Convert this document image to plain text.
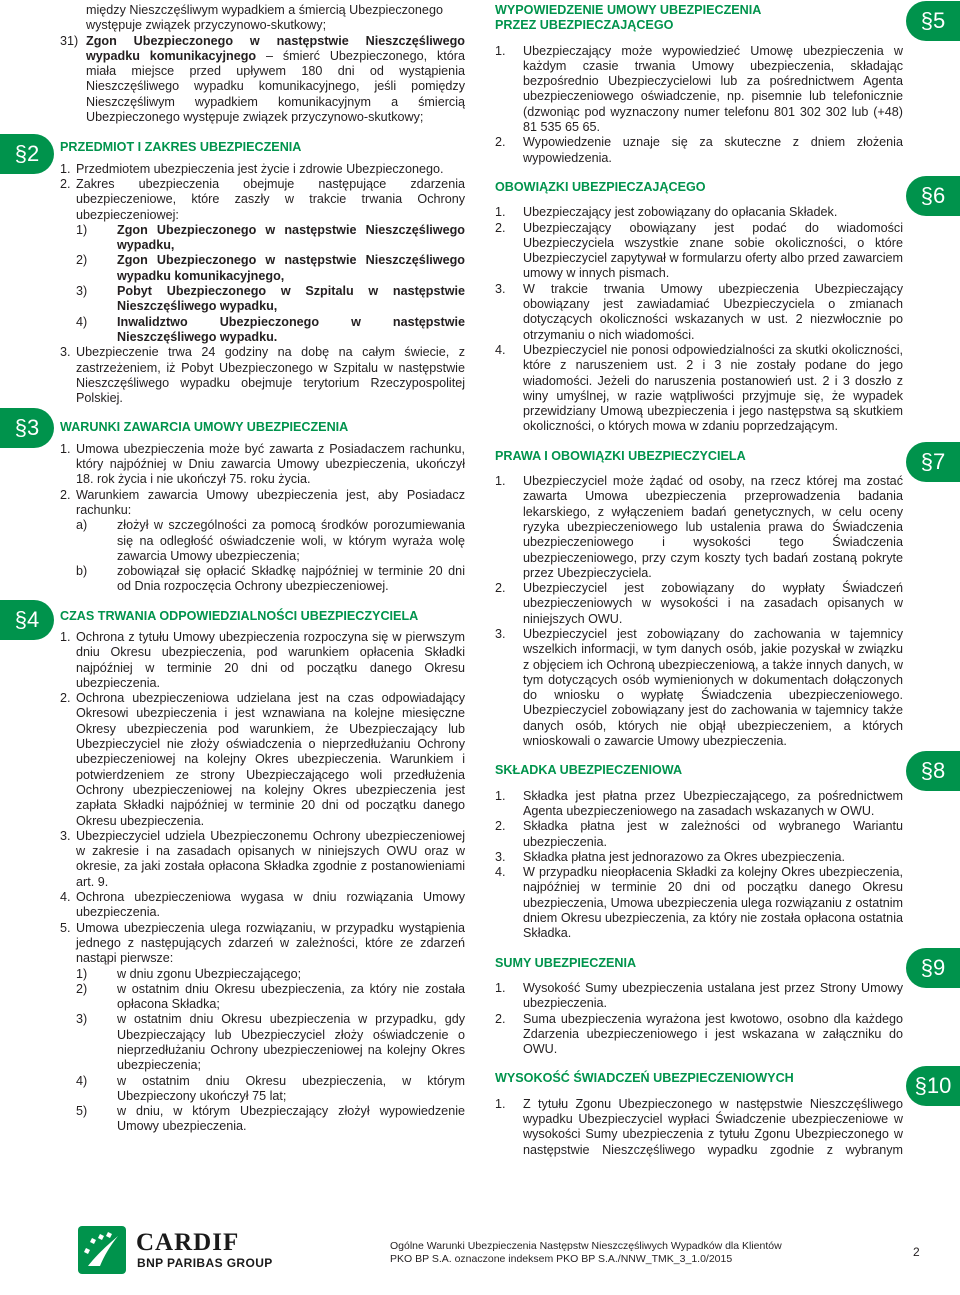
§2
§3
§4
§5
§6
§7
§8
§9
§10

między Nieszczęśliwym wypadkiem a śmiercią Ubezpieczonego

występuje związek przyczynowo-skutkowy;

31) Zgon Ubezpieczonego w następstwie Nieszczęśliwego wypadku komunikacyjnego – śmierć Ubezpieczonego, która miała miejsce przed upływem 180 dni od wystąpienia Nieszczęśliwego wypadku komunikacyjnego, jeśli pomiędzy Nieszczęśliwym wypadkiem komunikacyjnym a śmiercią Ubezpieczonego występuje związek przyczynowo-skutkowy;
PRZEDMIOT I ZAKRES UBEZPIECZENIA
1. Przedmiotem ubezpieczenia jest życie i zdrowie Ubezpieczonego.
2. Zakres ubezpieczenia obejmuje następujące zdarzenia ubezpieczeniowe, które zaszły w trakcie trwania Ochrony ubezpieczeniowej:
1)	Zgon Ubezpieczonego w następstwie Nieszczęśliwego wypadku,
2)	Zgon Ubezpieczonego w następstwie Nieszczęśliwego wypadku komunikacyjnego,
3)	Pobyt Ubezpieczonego w Szpitalu w następstwie Nieszczęśliwego wypadku,
4)	Inwalidztwo Ubezpieczonego w następstwie Nieszczęśliwego wypadku.
3. Ubezpieczenie trwa 24 godziny na dobę na całym świecie, z zastrzeżeniem, iż Pobyt Ubezpieczonego w Szpitalu w następstwie Nieszczęśliwego wypadku obejmuje terytorium Rzeczypospolitej Polskiej.
WARUNKI ZAWARCIA UMOWY UBEZPIECZENIA
1. Umowa ubezpieczenia może być zawarta z Posiadaczem rachunku, który najpóźniej w Dniu zawarcia Umowy ubezpieczenia, ukończył 18. rok życia i nie ukończył 75. roku życia.
2. Warunkiem zawarcia Umowy ubezpieczenia jest, aby Posiadacz rachunku:
a)	złożył w szczególności za pomocą środków porozumiewania się na odległość oświadczenie woli, w którym wyraża wolę zawarcia Umowy ubezpieczenia;
b)	zobowiązał się opłacić Składkę najpóźniej w terminie 20 dni od Dnia rozpoczęcia Ochrony ubezpieczeniowej.
CZAS TRWANIA ODPOWIEDZIALNOŚCI UBEZPIECZYCIELA
1. Ochrona z tytułu Umowy ubezpieczenia rozpoczyna się w pierwszym dniu Okresu ubezpieczenia, pod warunkiem opłacenia Składki najpóźniej w terminie 20 dni od początku danego Okresu ubezpieczenia.
2. Ochrona ubezpieczeniowa udzielana jest na czas odpowiadający Okresowi ubezpieczenia i jest wznawiana na kolejne miesięczne Okresy ubezpieczenia pod warunkiem, że Ubezpieczający lub Ubezpieczyciel nie złoży oświadczenia o nieprzedłużaniu Ochrony ubezpieczeniowej na kolejny Okres ubezpieczenia. Warunkiem i potwierdzeniem ze strony Ubezpieczającego woli przedłużenia Ochrony ubezpieczeniowej na kolejny Okres ubezpieczenia jest zapłata Składki najpóźniej w terminie 20 dni od początku danego Okresu ubezpieczenia.
3. Ubezpieczyciel udziela Ubezpieczonemu Ochrony ubezpieczeniowej w zakresie i na zasadach opisanych w niniejszych OWU oraz w okresie, za jaki została opłacona Składka zgodnie z postanowieniami art. 9.
4. Ochrona ubezpieczeniowa wygasa w dniu rozwiązania Umowy ubezpieczenia.
5. Umowa ubezpieczenia ulega rozwiązaniu, w przypadku wystąpienia jednego z następujących zdarzeń w zależności, które ze zdarzeń nastąpi pierwsze:
1)	w dniu zgonu Ubezpieczającego;
2)	w ostatnim dniu Okresu ubezpieczenia, za który nie została opłacona Składka;
3)	w ostatnim dniu Okresu ubezpieczenia w przypadku, gdy Ubezpieczający lub Ubezpieczyciel złoży oświadczenie o nieprzedłużaniu Ochrony ubezpieczeniowej na kolejny Okres ubezpieczenia;
4)	w ostatnim dniu Okresu ubezpieczenia, w którym Ubezpieczony ukończył 75 lat;
5)	w dniu, w którym Ubezpieczający złożył wypowiedzenie Umowy ubezpieczenia.
WYPOWIEDZENIE UMOWY UBEZPIECZENIA
PRZEZ UBEZPIECZAJĄCEGO
1.	Ubezpieczający może wypowiedzieć Umowę ubezpieczenia w każdym czasie trwania Umowy ubezpieczenia, składając bezpośrednio Ubezpieczycielowi lub za pośrednictwem Agenta ubezpieczeniowego oświadczenie, np. pisemnie lub telefonicznie (dzwoniąc pod wyznaczony numer telefonu 801 302 302 lub (+48) 81 535 65 65.
2.	Wypowiedzenie uznaje się za skuteczne z dniem złożenia wypowiedzenia.
OBOWIĄZKI UBEZPIECZAJĄCEGO
1.	Ubezpieczający jest zobowiązany do opłacania Składek.
2.	Ubezpieczający obowiązany jest podać do wiadomości Ubezpieczyciela wszystkie znane sobie okoliczności, o które Ubezpieczyciel zapytywał w formularzu oferty albo przed zawarciem umowy w innych pismach.
3.	W trakcie trwania Umowy ubezpieczenia Ubezpieczający obowiązany jest zawiadamiać Ubezpieczyciela o zmianach dotyczących okoliczności wskazanych w ust. 2 niezwłocznie po otrzymaniu o nich wiadomości.
4.	Ubezpieczyciel nie ponosi odpowiedzialności za skutki okoliczności, które z naruszeniem ust. 2 i 3 nie zostały podane do jego wiadomości. Jeżeli do naruszenia postanowień ust. 2 i 3 doszło z winy umyślnej, w razie wątpliwości przyjmuje się, że wypadek przewidziany Umową ubezpieczenia i jego następstwa są skutkiem okoliczności, o których mowa w zdaniu poprzedzającym.
PRAWA I OBOWIĄZKI UBEZPIECZYCIELA
1.	Ubezpieczyciel może żądać od osoby, na rzecz której ma zostać zawarta Umowa ubezpieczenia przeprowadzenia badania lekarskiego, z wyłączeniem badań genetycznych, w celu oceny ryzyka ubezpieczeniowego lub ustalenia prawa do Świadczenia ubezpieczeniowego i wysokości tego Świadczenia ubezpieczeniowego, przy czym koszty tych badań zostaną pokryte przez Ubezpieczyciela.
2.	Ubezpieczyciel jest zobowiązany do wypłaty Świadczeń ubezpieczeniowych w wysokości i na zasadach opisanych w niniejszych OWU.
3.	Ubezpieczyciel jest zobowiązany do zachowania w tajemnicy wszelkich informacji, w tym danych osób, jakie pozyskał w związku z objęciem ich Ochroną ubezpieczeniową, a także innych danych, w tym dotyczących osób wymienionych w dokumentach dołączonych do wniosku o wypłatę Świadczenia ubezpieczeniowego. Ubezpieczyciel zobowiązany jest do zachowania w tajemnicy także danych osób, których nie objął ubezpieczeniem, a których wnioskowali o zawarcie Umowy ubezpieczenia.
SKŁADKA UBEZPIECZENIOWA
1.	Składka jest płatna przez Ubezpieczającego, za pośrednictwem Agenta ubezpieczeniowego na zasadach wskazanych w OWU.
2.	Składka płatna jest w zależności od wybranego Wariantu ubezpieczenia.
3.	Składka płatna jest jednorazowo za Okres ubezpieczenia.
4.	W przypadku nieopłacenia Składki za kolejny Okres ubezpieczenia, najpóźniej w terminie 20 dni od początku danego Okresu ubezpieczenia, Umowa ubezpieczenia ulega rozwiązaniu z ostatnim dniem Okresu ubezpieczenia, za który nie została opłacona ostatnia Składka.
SUMY UBEZPIECZENIA
1.	Wysokość Sumy ubezpieczenia ustalana jest przez Strony Umowy ubezpieczenia.
2.	Suma ubezpieczenia wyrażona jest kwotowo, osobno dla każdego Zdarzenia ubezpieczeniowego i jest wskazana w załączniku do OWU.
WYSOKOŚĆ ŚWIADCZEŃ UBEZPIECZENIOWYCH
1.	Z tytułu Zgonu Ubezpieczonego w następstwie Nieszczęśliwego wypadku Ubezpieczyciel wypłaci Świadczenie ubezpieczeniowe w wysokości Sumy ubezpieczenia z tytułu Zgonu Ubezpieczonego w następstwie Nieszczęśliwego wypadku zgodnie z wybranym
CARDIF
BNP PARIBAS GROUP
Ogólne Warunki Ubezpieczenia Następstw Nieszczęśliwych Wypadków dla Klientów
PKO BP S.A. oznaczone indeksem PKO BP S.A./NNW_TMK_3_1.0/2015	2
